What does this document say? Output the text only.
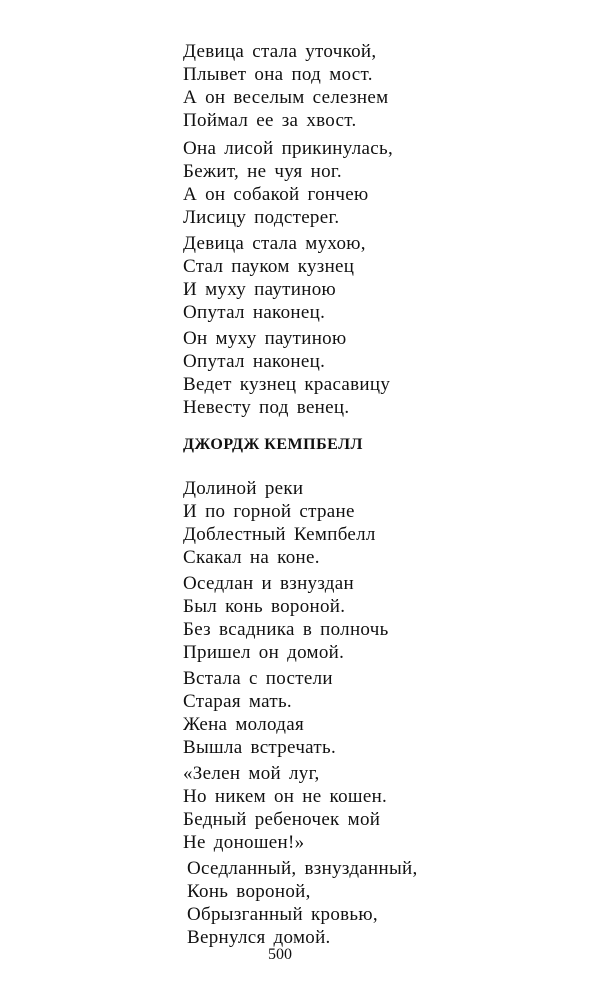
Девица стала уточкой,
Плывет она под мост.
А он веселым селезнем
Поймал ее за хвост.
Она лисой прикинулась,
Бежит, не чуя ног.
А он собакой гончею
Лисицу подстерег.
Девица стала мухою,
Стал пауком кузнец
И муху паутиною
Опутал наконец.
Он муху паутиною
Опутал наконец.
Ведет кузнец красавицу
Невесту под венец.
ДЖОРДЖ КЕМПБЕЛЛ
Долиной реки
И по горной стране
Доблестный Кемпбелл
Скакал на коне.
Оседлан и взнуздан
Был конь вороной.
Без всадника в полночь
Пришел он домой.
Встала с постели
Старая мать.
Жена молодая
Вышла встречать.
«Зелен мой луг,
Но никем он не кошен.
Бедный ребеночек мой
Не доношен!»
Оседланный, взнузданный,
Конь вороной,
Обрызганный кровью,
Вернулся домой.
500
